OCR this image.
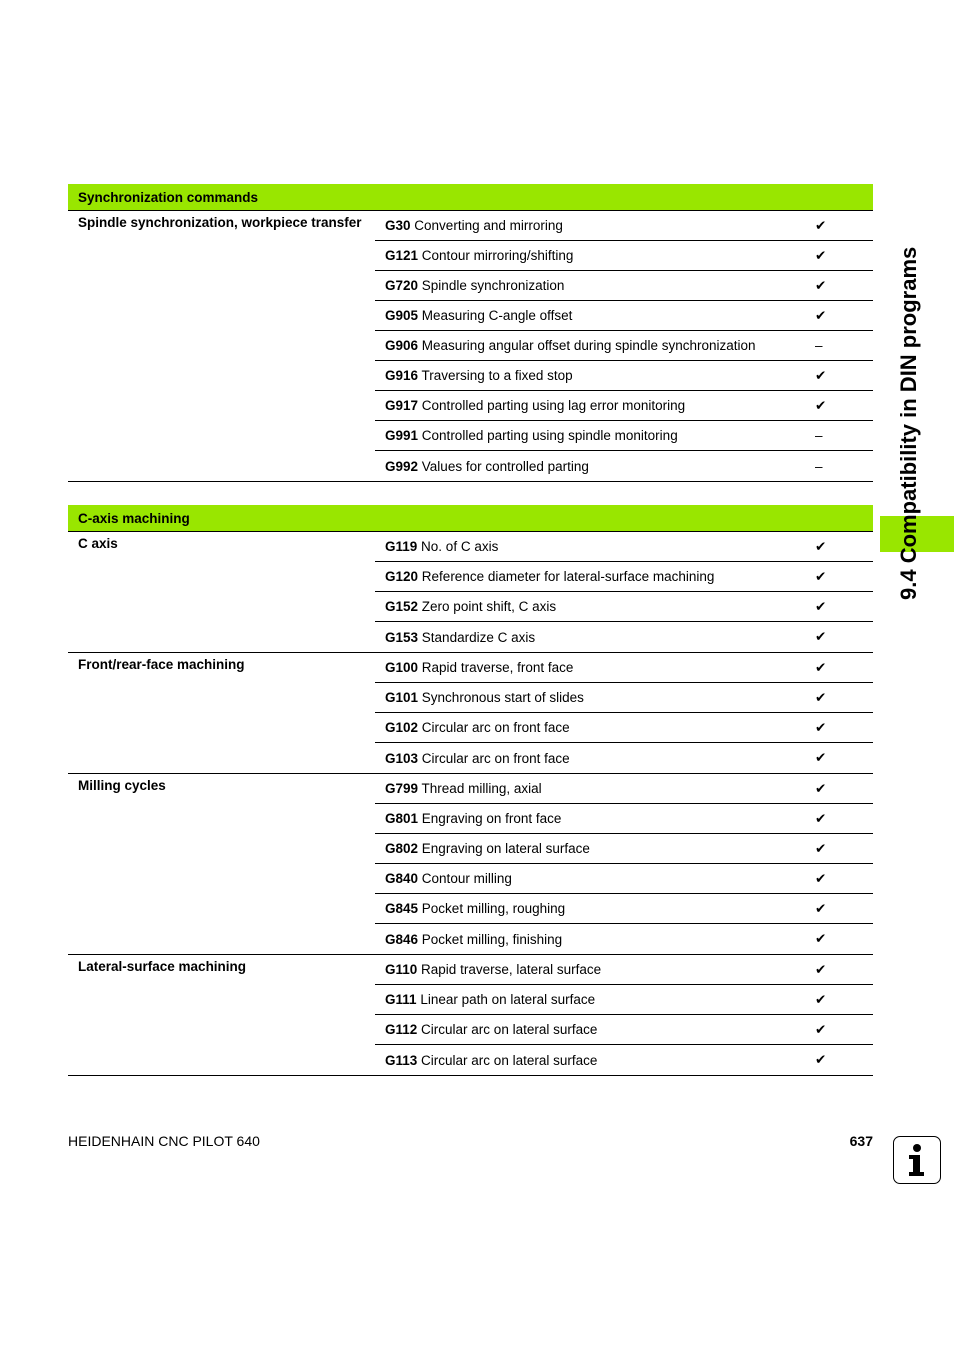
9.4 Compatibility in DIN programs
Synchronization commands
Spindle synchronization, workpiece transfer	G30 Converting and mirroring	✔
G121 Contour mirroring/shifting	✔
G720 Spindle synchronization	✔
G905 Measuring C-angle offset	✔
G906 Measuring angular offset during spindle synchronization	–
G916 Traversing to a fixed stop	✔
G917 Controlled parting using lag error monitoring	✔
G991 Controlled parting using spindle monitoring	–
G992 Values for controlled parting	–
C-axis machining
C axis	G119 No. of C axis	✔
G120 Reference diameter for lateral-surface machining	✔
G152 Zero point shift, C axis	✔
G153 Standardize C axis	✔
Front/rear-face machining	G100 Rapid traverse, front face	✔
G101 Synchronous start of slides	✔
G102 Circular arc on front face	✔
G103 Circular arc on front face	✔
Milling cycles	G799 Thread milling, axial	✔
G801 Engraving on front face	✔
G802 Engraving on lateral surface	✔
G840 Contour milling	✔
G845 Pocket milling, roughing	✔
G846 Pocket milling, finishing	✔
Lateral-surface machining	G110 Rapid traverse, lateral surface	✔
G111 Linear path on lateral surface	✔
G112 Circular arc on lateral surface	✔
G113 Circular arc on lateral surface	✔
HEIDENHAIN CNC PILOT 640	637
